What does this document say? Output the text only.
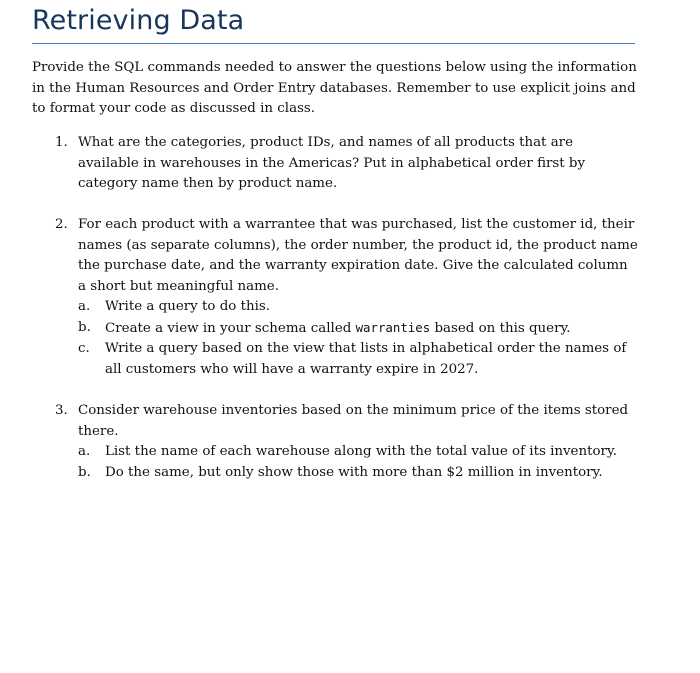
Retrieving Data
Provide the SQL commands needed to answer the questions below using the information in the Human Resources and Order Entry databases. Remember to use explicit joins and to format your code as discussed in class.
1. What are the categories, product IDs, and names of all products that are available in warehouses in the Americas? Put in alphabetical order first by category name then by product name.
2. For each product with a warrantee that was purchased, list the customer id, their names (as separate columns), the order number, the product id, the product name the purchase date, and the warranty expiration date. Give the calculated column a short but meaningful name.
a. Write a query to do this.
b. Create a view in your schema called warranties based on this query.
c. Write a query based on the view that lists in alphabetical order the names of all customers who will have a warranty expire in 2027.
3. Consider warehouse inventories based on the minimum price of the items stored there.
a. List the name of each warehouse along with the total value of its inventory.
b. Do the same, but only show those with more than $2 million in inventory.
